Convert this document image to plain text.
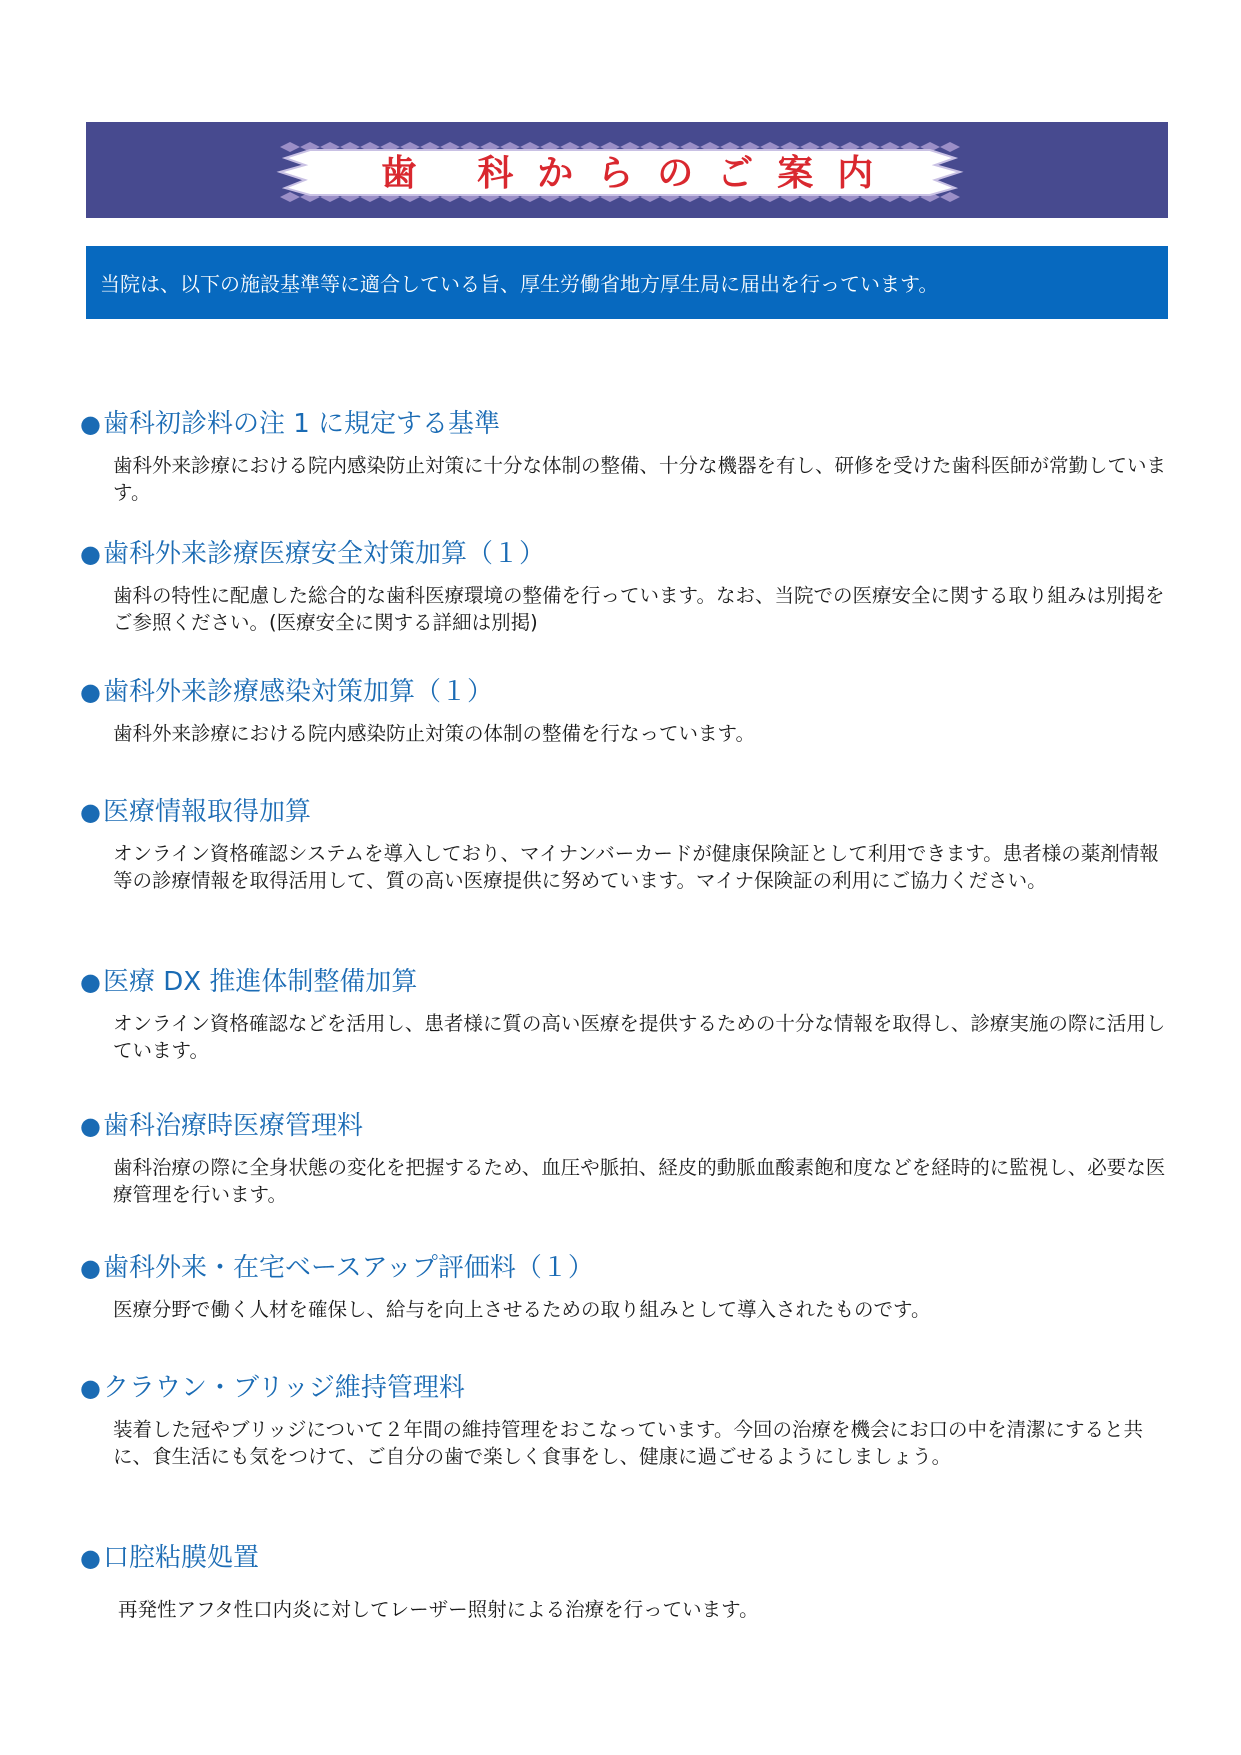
歯 科からのご案内
当院は、以下の施設基準等に適合している旨、厚生労働省地方厚生局に届出を行っています。
●歯科初診料の注 1 に規定する基準
歯科外来診療における院内感染防止対策に十分な体制の整備、十分な機器を有し、研修を受けた歯科医師が常勤しています。
●歯科外来診療医療安全対策加算（１）
歯科の特性に配慮した総合的な歯科医療環境の整備を行っています。なお、当院での医療安全に関する取り組みは別掲をご参照ください。(医療安全に関する詳細は別掲)
●歯科外来診療感染対策加算（１）
歯科外来診療における院内感染防止対策の体制の整備を行なっています。
●医療情報取得加算
オンライン資格確認システムを導入しており、マイナンバーカードが健康保険証として利用できます。患者様の薬剤情報等の診療情報を取得活用して、質の高い医療提供に努めています。マイナ保険証の利用にご協力ください。
●医療 DX 推進体制整備加算
オンライン資格確認などを活用し、患者様に質の高い医療を提供するための十分な情報を取得し、診療実施の際に活用しています。
●歯科治療時医療管理料
歯科治療の際に全身状態の変化を把握するため、血圧や脈拍、経皮的動脈血酸素飽和度などを経時的に監視し、必要な医療管理を行います。
●歯科外来・在宅ベースアップ評価料（１）
医療分野で働く人材を確保し、給与を向上させるための取り組みとして導入されたものです。
●クラウン・ブリッジ維持管理料
装着した冠やブリッジについて２年間の維持管理をおこなっています。今回の治療を機会にお口の中を清潔にすると共に、食生活にも気をつけて、ご自分の歯で楽しく食事をし、健康に過ごせるようにしましょう。
●口腔粘膜処置
再発性アフタ性口内炎に対してレーザー照射による治療を行っています。
